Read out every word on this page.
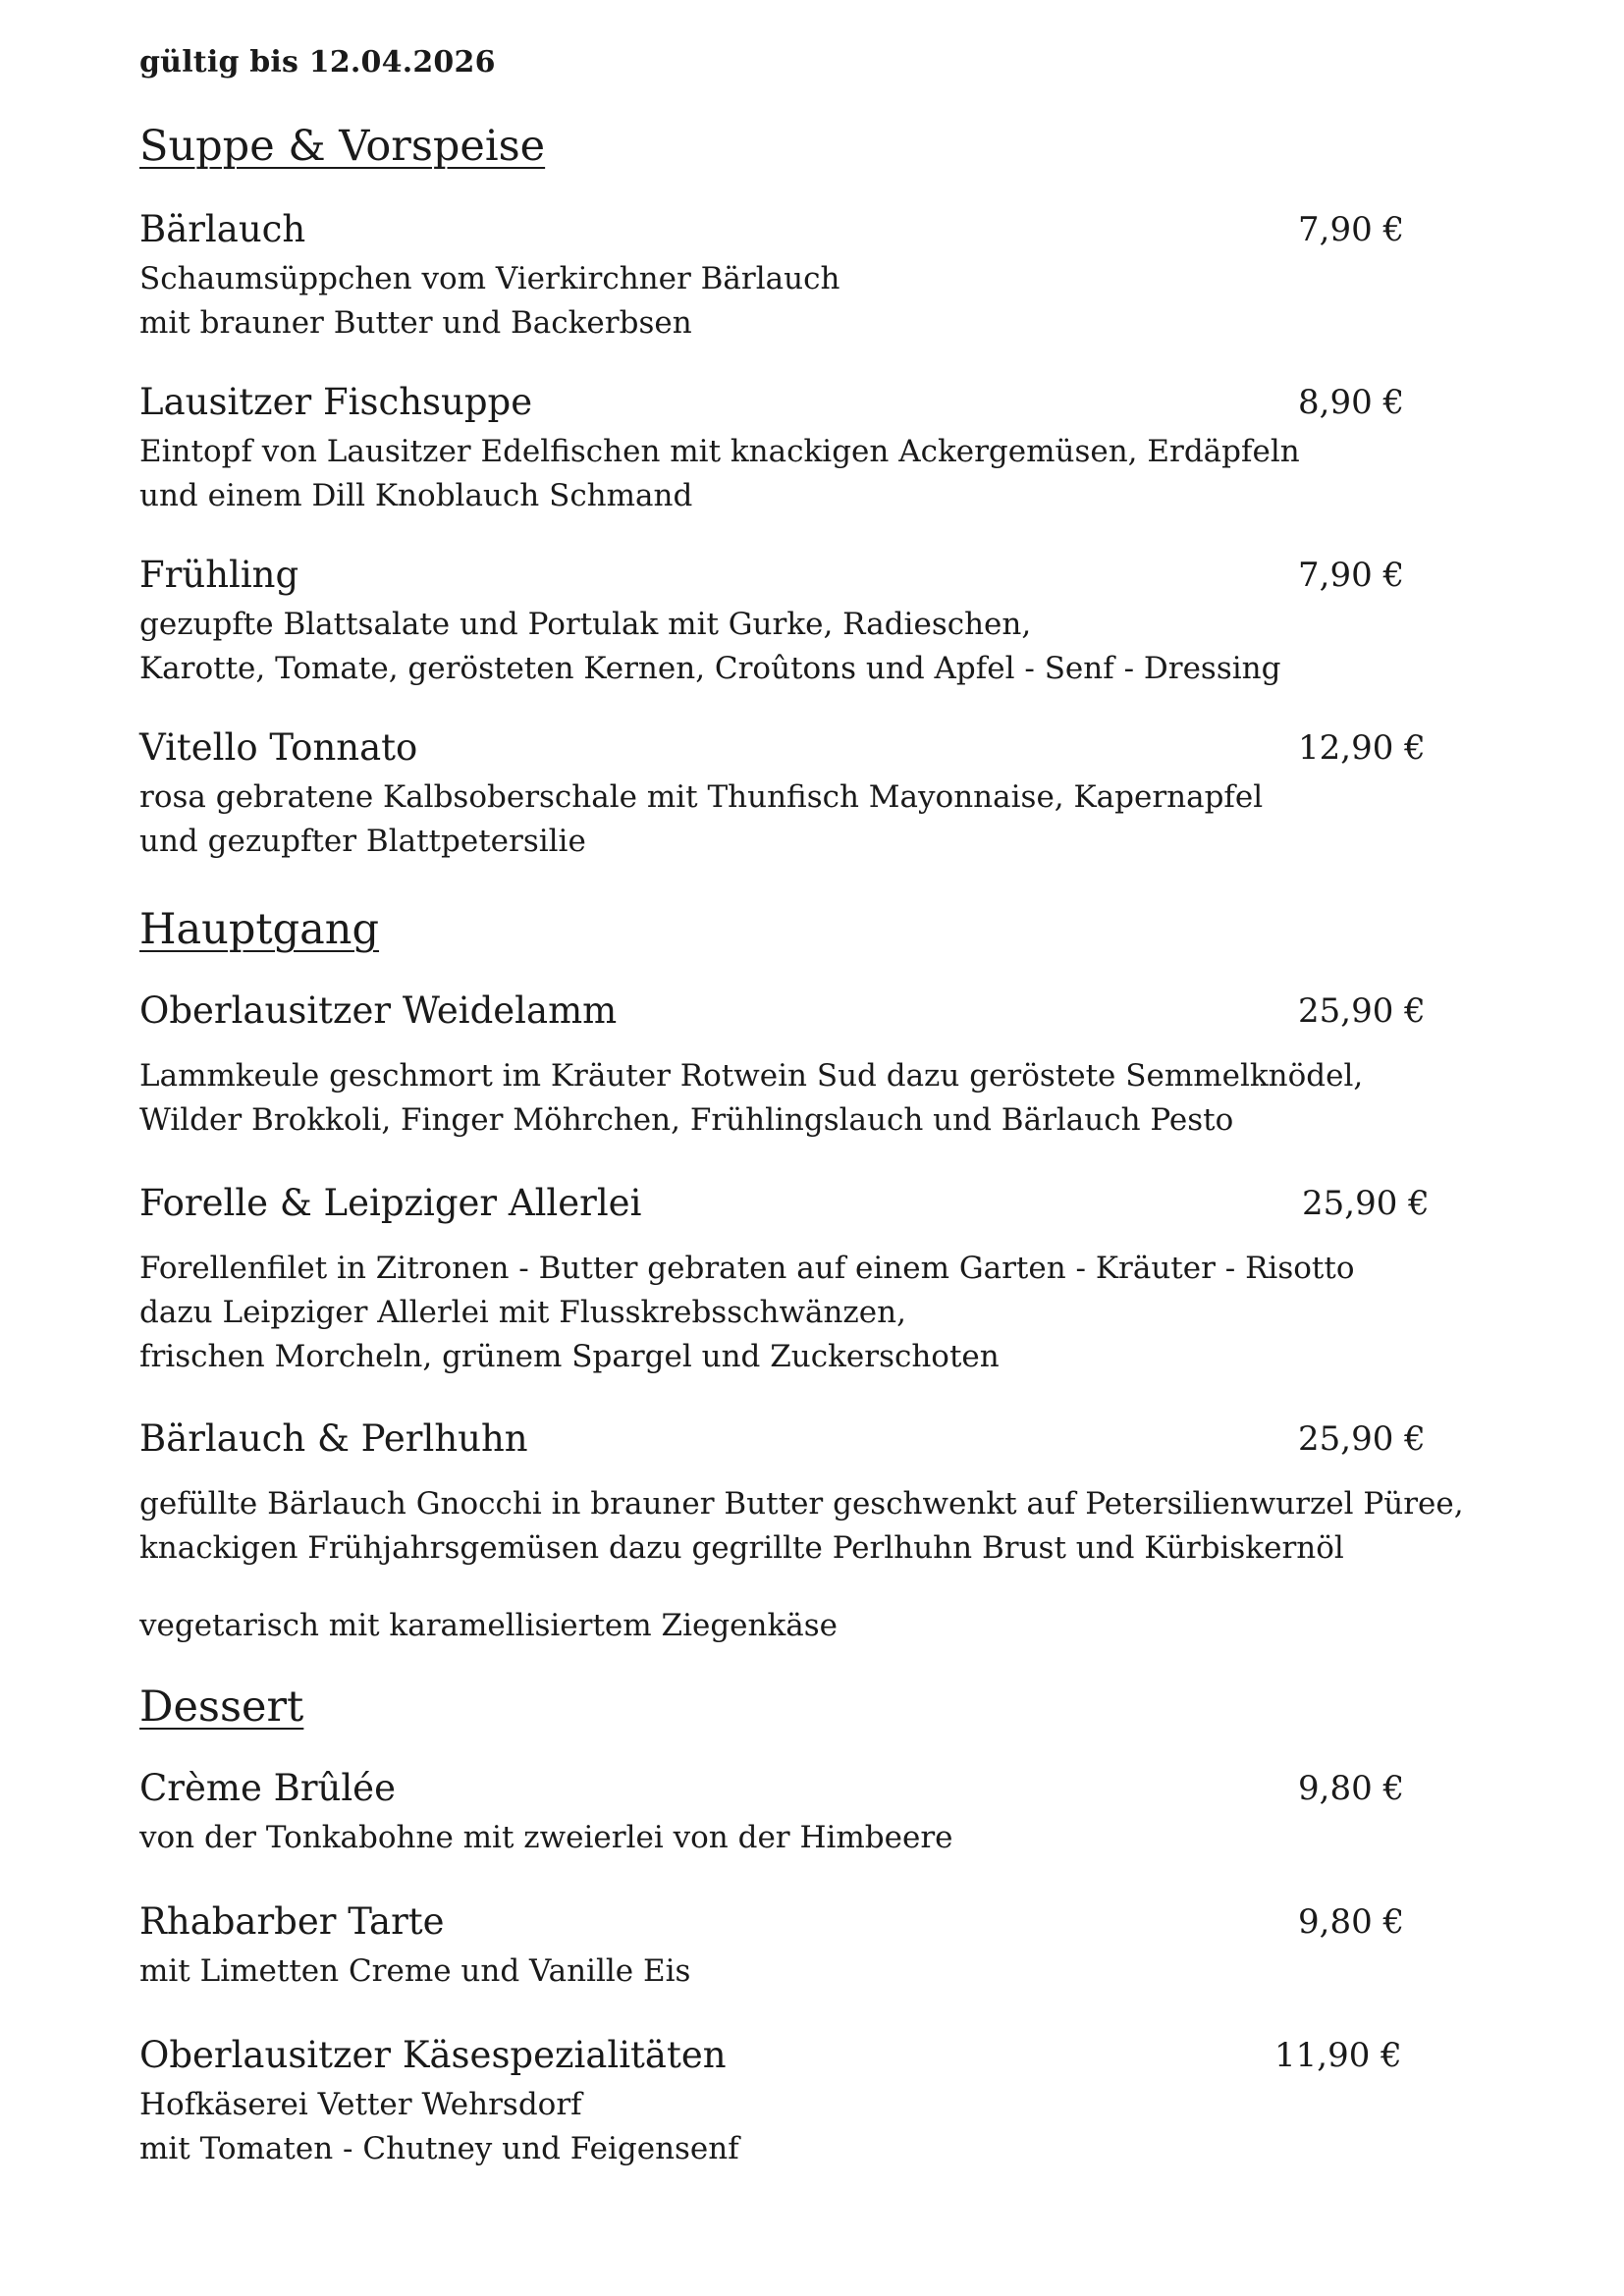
gültig bis 12.04.2026
Suppe & Vorspeise
Bärlauch	7,90 €
Schaumsüppchen vom Vierkirchner Bärlauch
mit brauner Butter und Backerbsen
Lausitzer Fischsuppe	8,90 €
Eintopf von Lausitzer Edelfischen mit knackigen Ackergemüsen, Erdäpfeln
und einem Dill Knoblauch Schmand
Frühling	7,90 €
gezupfte Blattsalate und Portulak mit Gurke, Radieschen,
Karotte, Tomate, gerösteten Kernen, Croûtons und Apfel - Senf - Dressing
Vitello Tonnato	12,90 €
rosa gebratene Kalbsoberschale mit Thunfisch Mayonnaise, Kapernapfel
und gezupfter Blattpetersilie
Hauptgang
Oberlausitzer Weidelamm	25,90 €
Lammkeule geschmort im Kräuter Rotwein Sud dazu geröstete Semmelknödel,
Wilder Brokkoli, Finger Möhrchen, Frühlingslauch und Bärlauch Pesto
Forelle & Leipziger Allerlei	25,90 €
Forellenfilet in Zitronen - Butter gebraten auf einem Garten - Kräuter - Risotto
dazu Leipziger Allerlei mit Flusskrebsschwänzen,
frischen Morcheln, grünem Spargel und Zuckerschoten
Bärlauch & Perlhuhn	25,90 €
gefüllte Bärlauch Gnocchi in brauner Butter geschwenkt auf Petersilienwurzel Püree,
knackigen Frühjahrsgemüsen dazu gegrillte Perlhuhn Brust und Kürbiskernöl
vegetarisch mit karamellisiertem Ziegenkäse
Dessert
Crème Brûlée	9,80 €
von der Tonkabohne mit zweierlei von der Himbeere
Rhabarber Tarte	9,80 €
mit Limetten Creme und Vanille Eis
Oberlausitzer Käsespezialitäten	11,90 €
Hofkäserei Vetter Wehrsdorf
mit Tomaten - Chutney und Feigensenf
